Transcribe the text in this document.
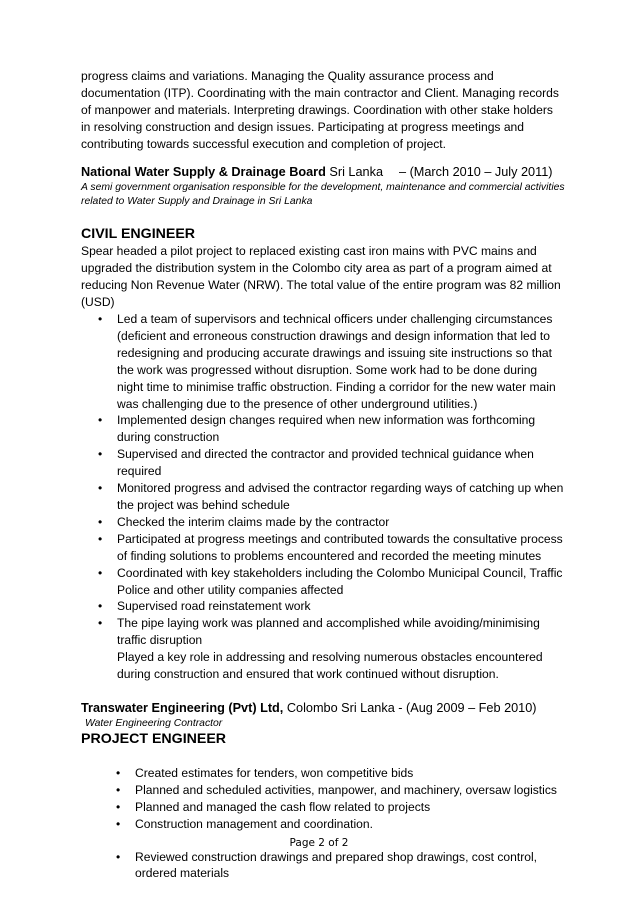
progress claims and variations. Managing the Quality assurance process and documentation (ITP). Coordinating with the main contractor and Client. Managing records of manpower and materials. Interpreting drawings. Coordination with other stake holders in resolving construction and design issues. Participating at progress meetings and contributing towards successful execution and completion of project.

National Water Supply & Drainage Board Sri Lanka – (March 2010 – July 2011)

A semi government organisation responsible for the development, maintenance and commercial activities related to Water Supply and Drainage in Sri Lanka

CIVIL ENGINEER

Spear headed a pilot project to replaced existing cast iron mains with PVC mains and upgraded the distribution system in the Colombo city area as part of a program aimed at reducing Non Revenue Water (NRW). The total value of the entire program was 82 million (USD)

• Led a team of supervisors and technical officers under challenging circumstances (deficient and erroneous construction drawings and design information that led to redesigning and producing accurate drawings and issuing site instructions so that the work was progressed without disruption. Some work had to be done during night time to minimise traffic obstruction. Finding a corridor for the new water main was challenging due to the presence of other underground utilities.)
• Implemented design changes required when new information was forthcoming during construction
• Supervised and directed the contractor and provided technical guidance when required
• Monitored progress and advised the contractor regarding ways of catching up when the project was behind schedule
• Checked the interim claims made by the contractor
• Participated at progress meetings and contributed towards the consultative process of finding solutions to problems encountered and recorded the meeting minutes
• Coordinated with key stakeholders including the Colombo Municipal Council, Traffic Police and other utility companies affected
• Supervised road reinstatement work
• The pipe laying work was planned and accomplished while avoiding/minimising traffic disruption
Played a key role in addressing and resolving numerous obstacles encountered during construction and ensured that work continued without disruption.

Transwater Engineering (Pvt) Ltd, Colombo Sri Lanka - (Aug 2009 – Feb 2010)

Water Engineering Contractor

PROJECT ENGINEER

• Created estimates for tenders, won competitive bids
• Planned and scheduled activities, manpower, and machinery, oversaw logistics
• Planned and managed the cash flow related to projects
• Construction management and coordination.
• Reviewed construction drawings and prepared shop drawings, cost control, ordered materials
Page 2 of 2
